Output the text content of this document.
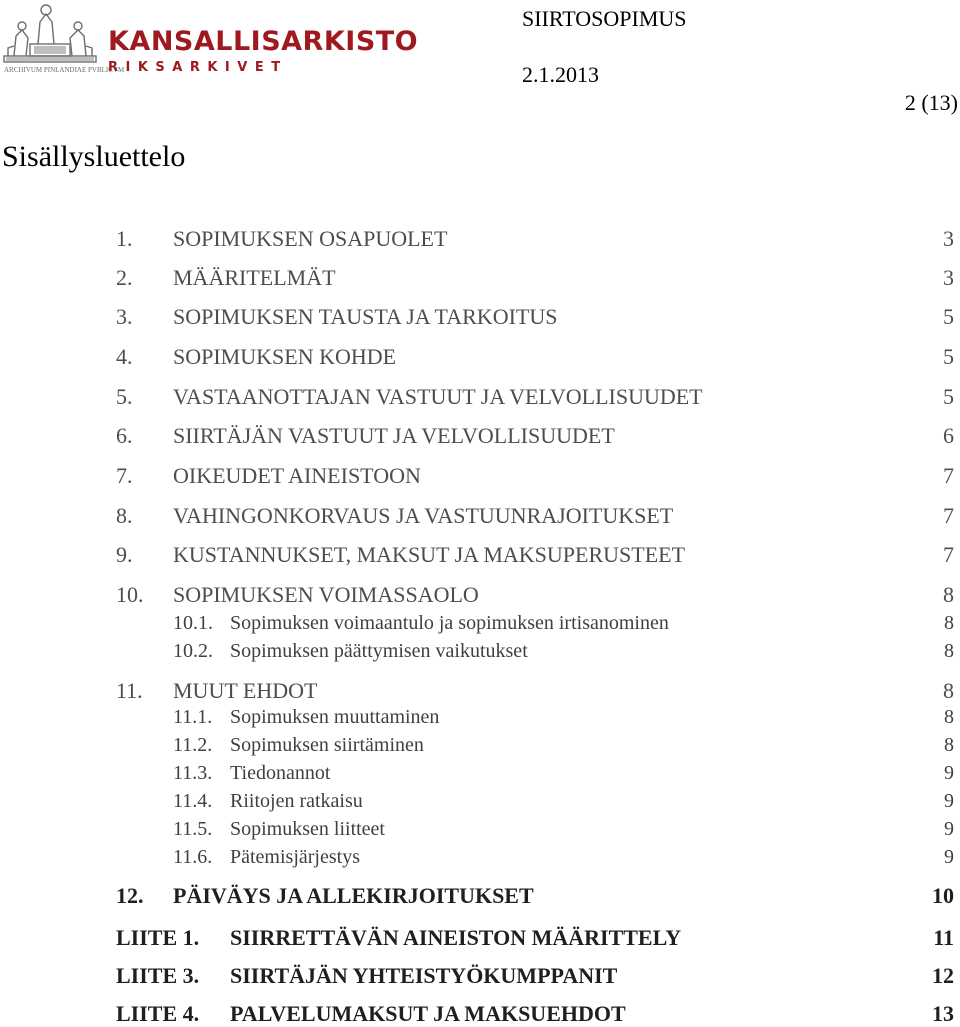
ARCHIVUM PINLANDIAE PVBLICVM
KANSALLISARKISTO
RIKSARKIVET
SIIRTOSOPIMUS
2.1.2013
2 (13)
Sisällysluettelo
1. SOPIMUKSEN OSAPUOLET	3
2. MÄÄRITELMÄT	3
3. SOPIMUKSEN TAUSTA JA TARKOITUS	5
4. SOPIMUKSEN KOHDE	5
5. VASTAANOTTAJAN VASTUUT JA VELVOLLISUUDET	5
6. SIIRTÄJÄN VASTUUT JA VELVOLLISUUDET	6
7. OIKEUDET AINEISTOON	7
8. VAHINGONKORVAUS JA VASTUUNRAJOITUKSET	7
9. KUSTANNUKSET, MAKSUT JA MAKSUPERUSTEET	7
10. SOPIMUKSEN VOIMASSAOLO	8
10.1. Sopimuksen voimaantulo ja sopimuksen irtisanominen	8
10.2. Sopimuksen päättymisen vaikutukset	8
11. MUUT EHDOT	8
11.1. Sopimuksen muuttaminen	8
11.2. Sopimuksen siirtäminen	8
11.3. Tiedonannot	9
11.4. Riitojen ratkaisu	9
11.5. Sopimuksen liitteet	9
11.6. Pätemisjärjestys	9
12. PÄIVÄYS JA ALLEKIRJOITUKSET	10
LIITE 1. SIIRRETTÄVÄN AINEISTON MÄÄRITTELY	11
LIITE 3. SIIRTÄJÄN YHTEISTYÖKUMPPANIT	12
LIITE 4. PALVELUMAKSUT JA MAKSUEHDOT	13
